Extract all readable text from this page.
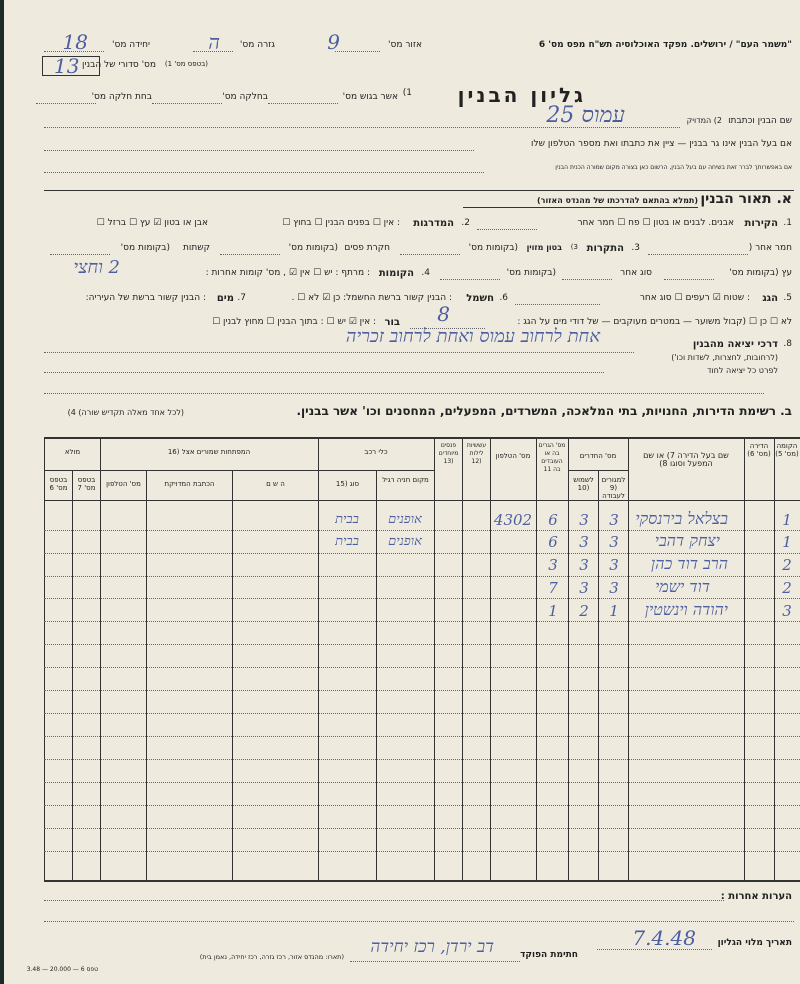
"משמר העם" / ירושלים. מפקד האוכלוסיה תש"ח מפס מס' 6
אזור מס'
9
גזרה מס'
ה
יחידה מס'
18
מס' סדורי של הבנין (בטפס מס' 1)
13
גליון הבנין
1)
אשר בגוש מס'
בחלקה מס'
בחת חלקה מס'
שם הבנין וכתבתו
2) המדויק
עמוס 25
אם בעל הבנין אינו גר בבנין — ציין את כתבתו ואת מספר הטלפון שלו
אם באפשרותך לברר זאת בשיחה עם בעל הבנין, הרשום כאן בצורה מקום שמורה הכנית הבנין
א. תאור הבנין
(תמלא בהתאם להדרכתו של מהנדס האזור)
1.
הקירות
אבנים. לבנים או בטון ☐ פח ☐ חמר אחר
2.
המדרגות
: אין ☐ בפנים הבנין ☐ בחוץ ☐
אבן או בטון ☑ עץ ☐ ברזל ☐
חמר אחר (
3.
התקרות
3)
בטון מזוין
(בקומות מס'
חקרת פסים
(בקומות מס'
קשתות
(בקומות מס'
עץ (בקומות מס'
סוג אחר
(בקומות מס'
4.
הקומות
: מרתף : יש ☐ אין ☑ , מס' קומות אחרות :
2 וחצי
5.
הגג
: שטוח ☑ רעפים ☐ סוג אחר
6.
חשמל
: הבנין קשור ברשת החשמל: כן ☑ לא ☐ .
7.
מים
: הבנין קשור ברשת של העיריה:
לא ☐ כן ☐ (קבול משוער — במטרים מעוקבים — של דודי מים על הגג :
8
בור
: אין ☑ יש ☐ : בתוך הבנין ☐ מחוץ לבנין ☐
8.
דרכי יציאה מהבנין
(לרחובות, לחצרות, לשדות וכו')
לפרט כל יציאה לחוד
אחת לרחוב עמוס ואחת לרחוב זכריה
ב. רשימת הדירות, החנויות, בתי המלאכה, המשרדים, המפעלים, המחסנים וכו' אשר בבנין.
(לכל אחד מאלה תקדיש שורה) 4)
הקומה (מס' 5)
הדירה (מס' 6)
שם בעל הדירה 7) או שם המפעל וסוגו 8)
מס' החדרים
למגורים (9 לעבודה
לשמוש (10
מס' הגרים בה או העובדים בה 11
מס' הטלפון
עששיות לילות (12
פנסים מיוחדים (13
כלי רכב
סוג (15	מקום חניה רגיל
המפתחות שמורים אצל (16
ה ש ם
הכתבת המדויקת
מס' הטלפון
מולא
בטפס מס' 7
בטפס מס' 6
1
בצלאל בירנסקי
3
3
6
4302
אופנים
בבית
1
יצחק דהבי
3
3
6
אופנים
בבית
2
הרב דוד כהן
3
3
3
2
דוד ישמי
3
3
7
3
יהודה וינשטין
1
2
1
הערות אחרות :
תאריך מלוי הגליון
7.4.48
חתימת הפוקד
דב ירדן, רכז יחידה
(תארו: מהנדס אזור, רכז גזרה, רכז יחידה, נאמן בית)
טפס 6 — 20.000 — 3.48
